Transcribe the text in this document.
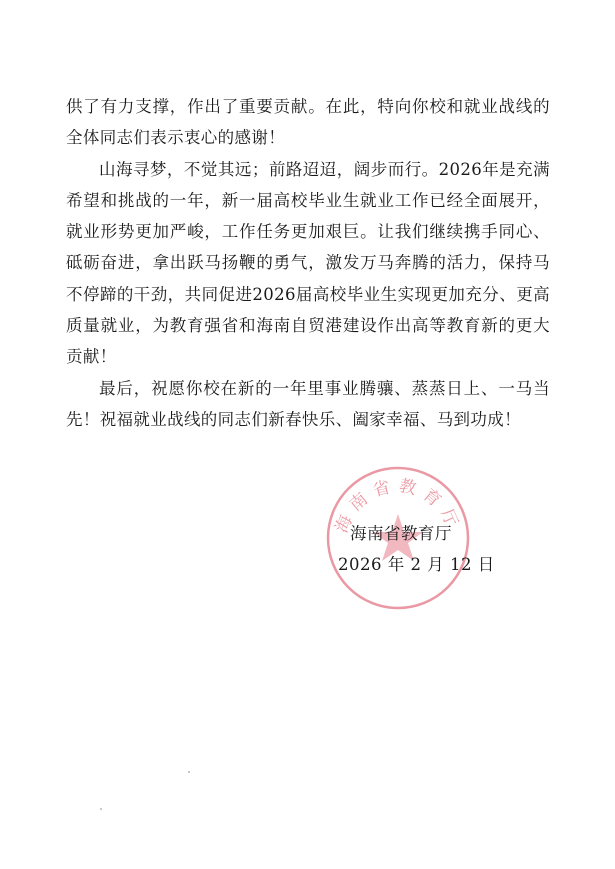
供了有力支撑，作出了重要贡献。在此，特向你校和就业战线的全体同志们表示衷心的感谢！

山海寻梦，不觉其远；前路迢迢，阔步而行。2026年是充满希望和挑战的一年，新一届高校毕业生就业工作已经全面展开，就业形势更加严峻，工作任务更加艰巨。让我们继续携手同心、砥砺奋进，拿出跃马扬鞭的勇气，激发万马奔腾的活力，保持马不停蹄的干劲，共同促进2026届高校毕业生实现更加充分、更高质量就业，为教育强省和海南自贸港建设作出高等教育新的更大贡献！

最后，祝愿你校在新的一年里事业腾骧、蒸蒸日上、一马当先！祝福就业战线的同志们新春快乐、阖家幸福、马到功成！

海南省教育厅
海南省教育厅
2026 年 2 月 12 日
